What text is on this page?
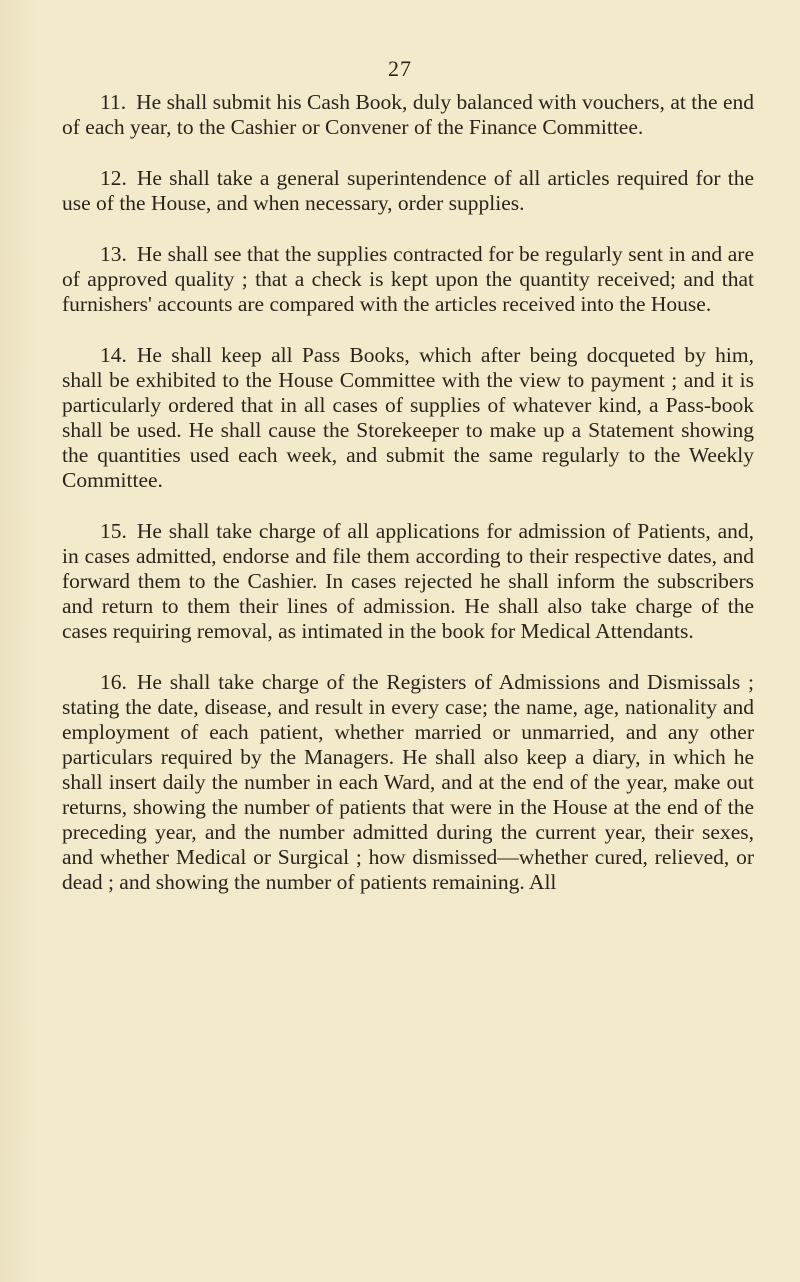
27

11. He shall submit his Cash Book, duly balanced with vouchers, at the end of each year, to the Cashier or Convener of the Finance Committee.

12. He shall take a general superintendence of all articles required for the use of the House, and when necessary, order supplies.

13. He shall see that the supplies contracted for be regularly sent in and are of approved quality ; that a check is kept upon the quantity received; and that furnishers' accounts are compared with the articles received into the House.

14. He shall keep all Pass Books, which after being docqueted by him, shall be exhibited to the House Committee with the view to payment ; and it is particularly ordered that in all cases of supplies of whatever kind, a Pass-book shall be used. He shall cause the Storekeeper to make up a Statement showing the quantities used each week, and submit the same regularly to the Weekly Committee.

15. He shall take charge of all applications for admission of Patients, and, in cases admitted, endorse and file them according to their respective dates, and forward them to the Cashier. In cases rejected he shall inform the subscribers and return to them their lines of admission. He shall also take charge of the cases requiring removal, as intimated in the book for Medical Attendants.

16. He shall take charge of the Registers of Admissions and Dismissals ; stating the date, disease, and result in every case; the name, age, nationality and employment of each patient, whether married or unmarried, and any other particulars required by the Managers. He shall also keep a diary, in which he shall insert daily the number in each Ward, and at the end of the year, make out returns, showing the number of patients that were in the House at the end of the preceding year, and the number admitted during the current year, their sexes, and whether Medical or Surgical ; how dismissed—whether cured, relieved, or dead ; and showing the number of patients remaining. All
